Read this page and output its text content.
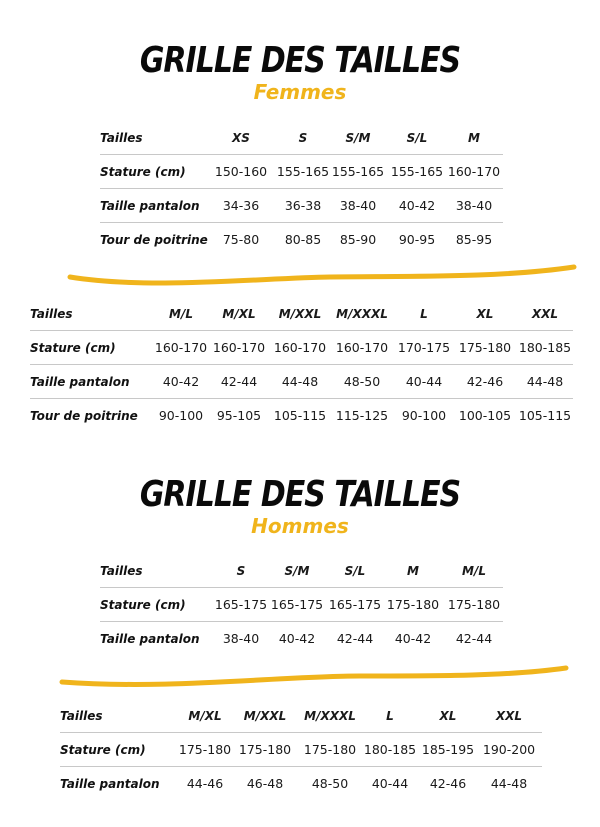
GRILLE DES TAILLES
Femmes
Tailles	XS	S	S/M	S/L	M
Stature (cm)	150-160 155-165 155-165 155-165 160-170
Taille pantalon	34-36	36-38	38-40	40-42	38-40
Tour de poitrine	75-80	80-85	85-90	90-95	85-95
Tailles	M/L	M/XL	M/XXL	M/XXXL	L	XL	XXL
Stature (cm)	160-170 160-170 160-170 160-170 170-175 175-180 180-185
Taille pantalon	40-42	42-44	44-48	48-50	40-44	42-46	44-48
Tour de poitrine	90-100	95-105	105-115 115-125	90-100	100-105 105-115
GRILLE DES TAILLES
Hommes
Tailles	S	S/M	S/L	M	M/L
Stature (cm)	165-175 165-175 165-175 175-180 175-180
Taille pantalon	38-40	40-42	42-44	40-42	42-44
Tailles	M/XL	M/XXL	M/XXXL	L	XL	XXL
Stature (cm)	175-180 175-180 175-180 180-185 185-195 190-200
Taille pantalon	44-46	46-48	48-50	40-44	42-46	44-48
